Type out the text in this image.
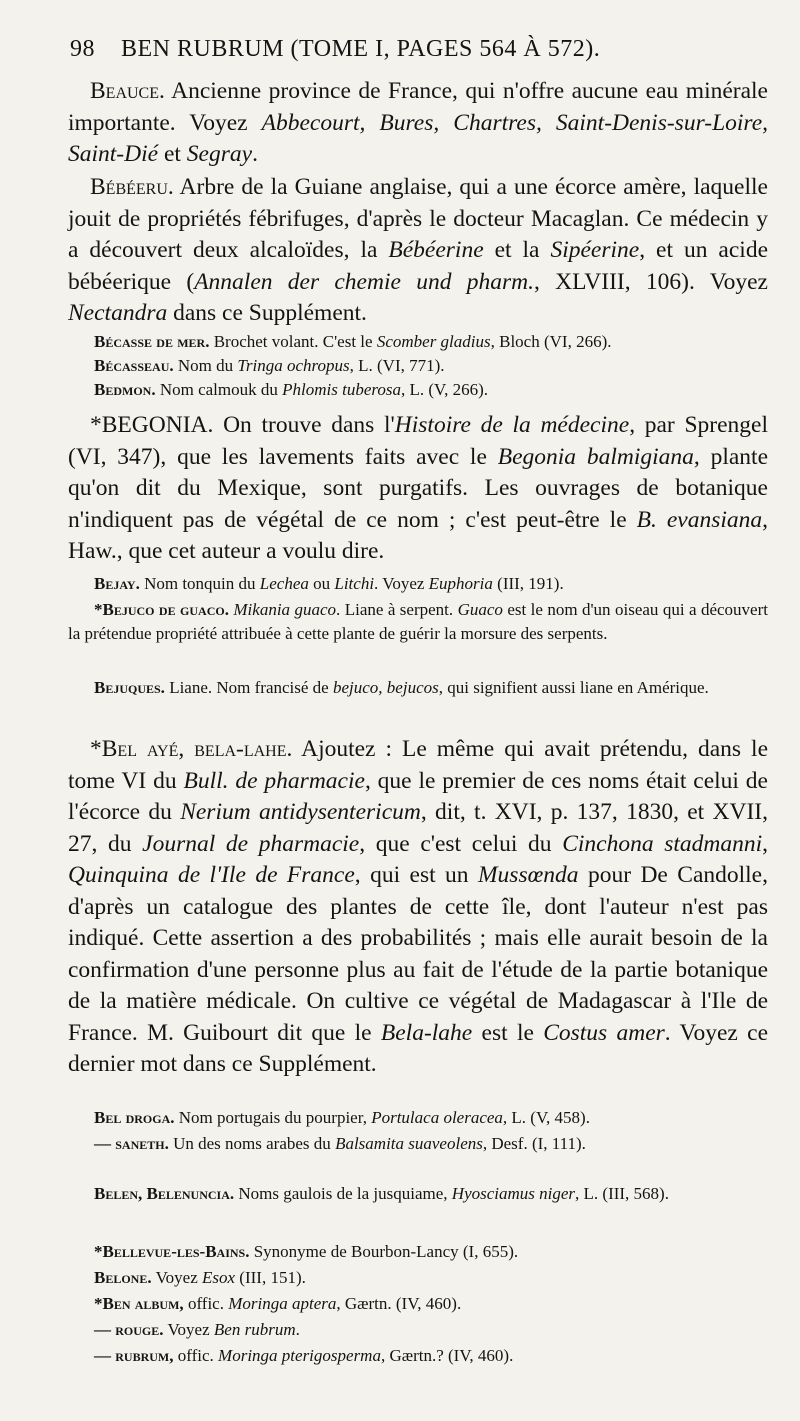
98 BEN RUBRUM (TOME I, PAGES 564 À 572).

Beauce. Ancienne province de France, qui n'offre aucune eau minérale importante. Voyez Abbecourt, Bures, Chartres, Saint-Denis-sur-Loire, Saint-Dié et Segray.

Bébéeru. Arbre de la Guiane anglaise, qui a une écorce amère, laquelle jouit de propriétés fébrifuges, d'après le docteur Macaglan. Ce médecin y a découvert deux alcaloïdes, la Bébéerine et la Sipéerine, et un acide bébéerique (Annalen der chemie und pharm., XLVIII, 106). Voyez Nectandra dans ce Supplément.

Bécasse de mer. Brochet volant. C'est le Scomber gladius, Bloch (VI, 266).

Bécasseau. Nom du Tringa ochropus, L. (VI, 771).

Bedmon. Nom calmouk du Phlomis tuberosa, L. (V, 266).

*BEGONIA. On trouve dans l'Histoire de la médecine, par Sprengel (VI, 347), que les lavements faits avec le Begonia balmigiana, plante qu'on dit du Mexique, sont purgatifs. Les ouvrages de botanique n'indiquent pas de végétal de ce nom ; c'est peut-être le B. evansiana, Haw., que cet auteur a voulu dire.

Bejay. Nom tonquin du Lechea ou Litchi. Voyez Euphoria (III, 191).

*Bejuco de guaco. Mikania guaco. Liane à serpent. Guaco est le nom d'un oiseau qui a découvert la prétendue propriété attribuée à cette plante de guérir la morsure des serpents.

Bejuques. Liane. Nom francisé de bejuco, bejucos, qui signifient aussi liane en Amérique.

*Bel ayé, bela-lahe. Ajoutez : Le même qui avait prétendu, dans le tome VI du Bull. de pharmacie, que le premier de ces noms était celui de l'écorce du Nerium antidysentericum, dit, t. XVI, p. 137, 1830, et XVII, 27, du Journal de pharmacie, que c'est celui du Cinchona stadmanni, Quinquina de l'Ile de France, qui est un Mussœnda pour De Candolle, d'après un catalogue des plantes de cette île, dont l'auteur n'est pas indiqué. Cette assertion a des probabilités ; mais elle aurait besoin de la confirmation d'une personne plus au fait de l'étude de la partie botanique de la matière médicale. On cultive ce végétal de Madagascar à l'Ile de France. M. Guibourt dit que le Bela-lahe est le Costus amer. Voyez ce dernier mot dans ce Supplément.

Bel droga. Nom portugais du pourpier, Portulaca oleracea, L. (V, 458).

— saneth. Un des noms arabes du Balsamita suaveolens, Desf. (I, 111).

Belen, Belenuncia. Noms gaulois de la jusquiame, Hyosciamus niger, L. (III, 568).

*Bellevue-les-Bains. Synonyme de Bourbon-Lancy (I, 655).

Belone. Voyez Esox (III, 151).

*Ben album, offic. Moringa aptera, Gærtn. (IV, 460).

— rouge. Voyez Ben rubrum.

— rubrum, offic. Moringa pterigosperma, Gærtn.? (IV, 460).
